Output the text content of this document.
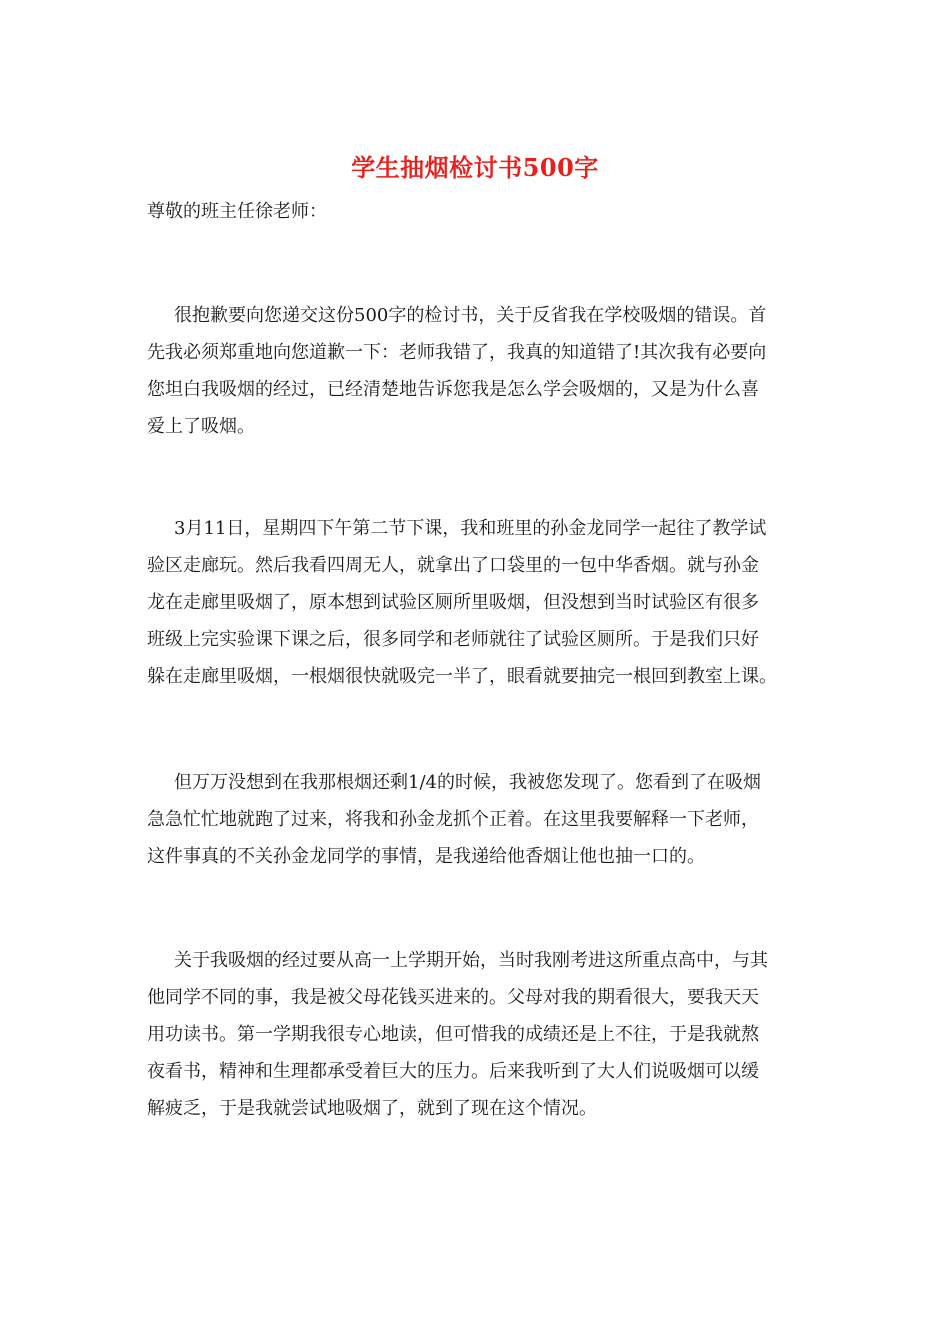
学生抽烟检讨书500字
尊敬的班主任徐老师：
很抱歉要向您递交这份500字的检讨书，关于反省我在学校吸烟的错误。首
先我必须郑重地向您道歉一下：老师我错了，我真的知道错了!其次我有必要向
您坦白我吸烟的经过，已经清楚地告诉您我是怎么学会吸烟的，又是为什么喜
爱上了吸烟。
3月11日，星期四下午第二节下课，我和班里的孙金龙同学一起往了教学试
验区走廊玩。然后我看四周无人，就拿出了口袋里的一包中华香烟。就与孙金
龙在走廊里吸烟了，原本想到试验区厕所里吸烟，但没想到当时试验区有很多
班级上完实验课下课之后，很多同学和老师就往了试验区厕所。于是我们只好
躲在走廊里吸烟，一根烟很快就吸完一半了，眼看就要抽完一根回到教室上课。
但万万没想到在我那根烟还剩1/4的时候，我被您发现了。您看到了在吸烟
急急忙忙地就跑了过来，将我和孙金龙抓个正着。在这里我要解释一下老师，
这件事真的不关孙金龙同学的事情，是我递给他香烟让他也抽一口的。
关于我吸烟的经过要从高一上学期开始，当时我刚考进这所重点高中，与其
他同学不同的事，我是被父母花钱买进来的。父母对我的期看很大，要我天天
用功读书。第一学期我很专心地读，但可惜我的成绩还是上不往，于是我就熬
夜看书，精神和生理都承受着巨大的压力。后来我听到了大人们说吸烟可以缓
解疲乏，于是我就尝试地吸烟了，就到了现在这个情况。
